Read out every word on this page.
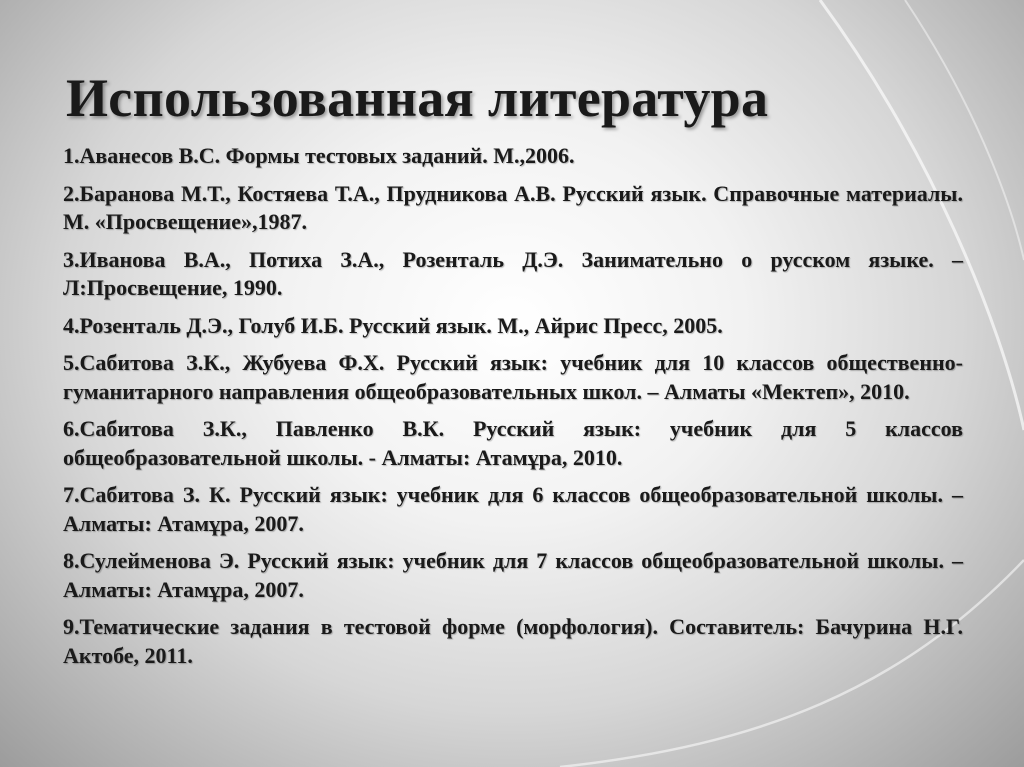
Использованная литература
1.Аванесов В.С. Формы тестовых заданий. М.,2006.
2.Баранова М.Т., Костяева Т.А., Прудникова А.В. Русский язык. Справочные материалы. М. «Просвещение»,1987.
3.Иванова В.А., Потиха З.А., Розенталь Д.Э. Занимательно о русском языке. – Л:Просвещение, 1990.
4.Розенталь Д.Э., Голуб И.Б. Русский язык. М., Айрис Пресс, 2005.
5.Сабитова З.К., Жубуева Ф.Х. Русский язык: учебник для 10 классов общественно-гуманитарного направления общеобразовательных школ. – Алматы «Мектеп», 2010.
6.Сабитова З.К., Павленко В.К. Русский язык: учебник для 5 классов общеобразовательной школы. - Алматы: Атамұра, 2010.
7.Сабитова З. К. Русский язык: учебник для 6 классов общеобразовательной школы. – Алматы: Атамұра, 2007.
8.Сулейменова Э. Русский язык: учебник для 7 классов общеобразовательной школы. – Алматы: Атамұра, 2007.
9.Тематические задания в тестовой форме (морфология). Составитель: Бачурина Н.Г. Актобе, 2011.
